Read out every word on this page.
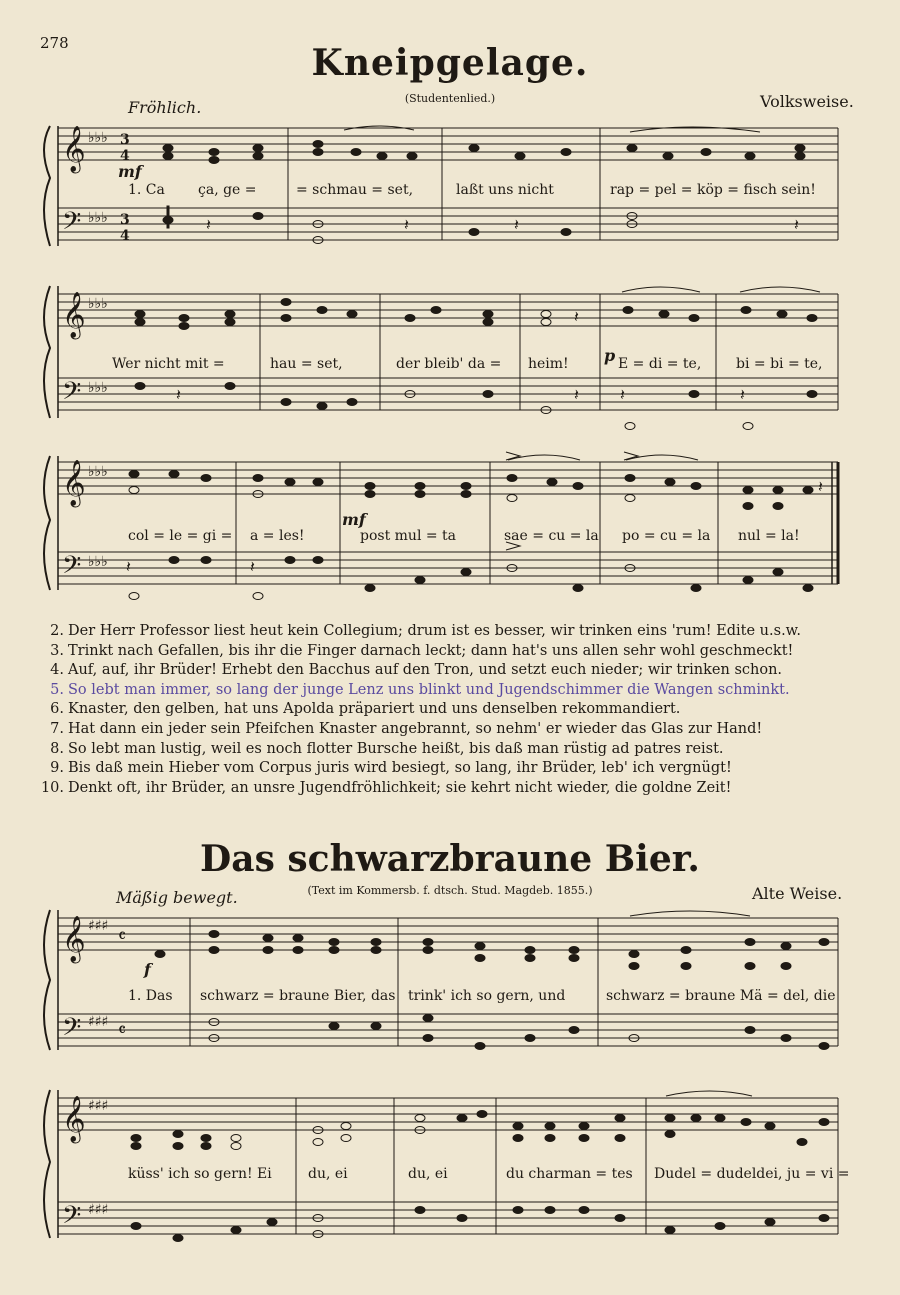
278	Kneipgelage.
(Studentenlied.)
Fröhlich.	Volksweise.
𝄞
𝄢
♭♭♭
♭♭♭
3
4
3
4
𝄽	𝄽	𝄽	𝄽
mf
1. Ca ça, ge =	= schmau = set,	laßt uns nicht	rap = pel = köp = fisch sein!
𝄞
𝄢
♭♭♭
♭♭♭
𝄽
𝄽	𝄽	𝄽	𝄽
p
Wer nicht mit =	hau = set,	der bleib' da = heim!	E = di = te, bi = bi = te,
𝄞
𝄢
♭♭♭
♭♭♭
𝄽
𝄽	𝄽
mf
col = le = gi = a = les!	post mul = ta	sae = cu = la po = cu = la nul = la!
2. Der Herr Professor liest heut kein Collegium; drum ist es besser, wir trinken eins 'rum! Edite u.s.w.
3. Trinkt nach Gefallen, bis ihr die Finger darnach leckt; dann hat's uns allen sehr wohl geschmeckt!
4. Auf, auf, ihr Brüder! Erhebt den Bacchus auf den Tron, und setzt euch nieder; wir trinken schon.
5. So lebt man immer, so lang der junge Lenz uns blinkt und Jugendschimmer die Wangen schminkt.
6. Knaster, den gelben, hat uns Apolda präpariert und uns denselben rekommandiert.
7. Hat dann ein jeder sein Pfeifchen Knaster angebrannt, so nehm' er wieder das Glas zur Hand!
8. So lebt man lustig, weil es noch flotter Bursche heißt, bis daß man rüstig ad patres reist.
9. Bis daß mein Hieber vom Corpus juris wird besiegt, so lang, ihr Brüder, leb' ich vergnügt!
10. Denkt oft, ihr Brüder, an unsre Jugendfröhlichkeit; sie kehrt nicht wieder, die goldne Zeit!
Das schwarzbraune Bier.
(Text im Kommersb. f. dtsch. Stud. Magdeb. 1855.)
Mäßig bewegt.	Alte Weise.
𝄞
𝄢
♯♯♯
♯♯♯
𝄴
𝄴
f
1. Das schwarz = braune Bier, das trink' ich so gern, und	schwarz = braune Mä = del, die
𝄞
𝄢
♯♯♯
♯♯♯
küss' ich so gern! Ei	du, ei	du, ei	du charman = tes Dudel = dudeldei, ju = vi =
